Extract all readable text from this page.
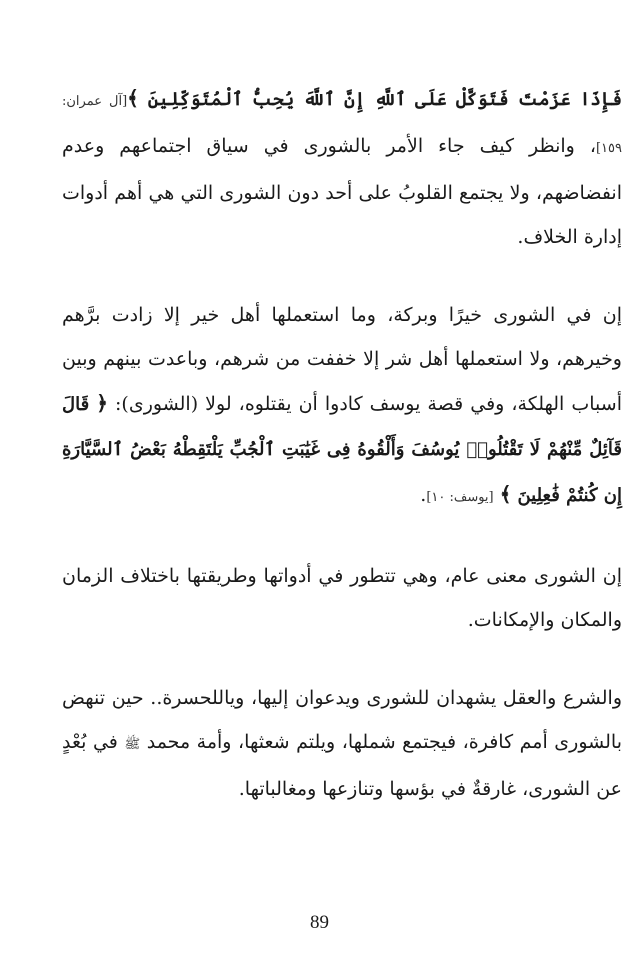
فَإِذَا عَزَمْتَ فَتَوَكَّلْ عَلَى ٱللَّهِ إِنَّ ٱللَّهَ يُحِبُّ ٱلْمُتَوَكِّلِينَ ﴾[آل عمران: ١٥٩]، وانظر كيف جاء الأمر بالشورى في سياق اجتماعهم وعدم انفضاضهم، ولا يجتمع القلوبُ على أحد دون الشورى التي هي أهم أدوات إدارة الخلاف.

إن في الشورى خيرًا وبركة، وما استعملها أهل خير إلا زادت برَّهم وخيرهم، ولا استعملها أهل شر إلا خففت من شرهم، وباعدت بينهم وبين أسباب الهلكة، وفي قصة يوسف كادوا أن يقتلوه، لولا (الشورى): ﴿ قَالَ قَآئِلٌ مِّنْهُمْ لَا تَقْتُلُوا۟ يُوسُفَ وَأَلْقُوهُ فِى غَيَٰبَتِ ٱلْجُبِّ يَلْتَقِطْهُ بَعْضُ ٱلسَّيَّارَةِ إِن كُنتُمْ فَٰعِلِينَ ﴾ [يوسف: ١٠].

إن الشورى معنى عام، وهي تتطور في أدواتها وطريقتها باختلاف الزمان والمكان والإمكانات.

والشرع والعقل يشهدان للشورى ويدعوان إليها، وياللحسرة.. حين تنهض بالشورى أمم كافرة، فيجتمع شملها، ويلتم شعثها، وأمة محمد ﷺ في بُعْدٍ عن الشورى، غارقةٌ في بؤسها وتنازعها ومغالباتها.

89
